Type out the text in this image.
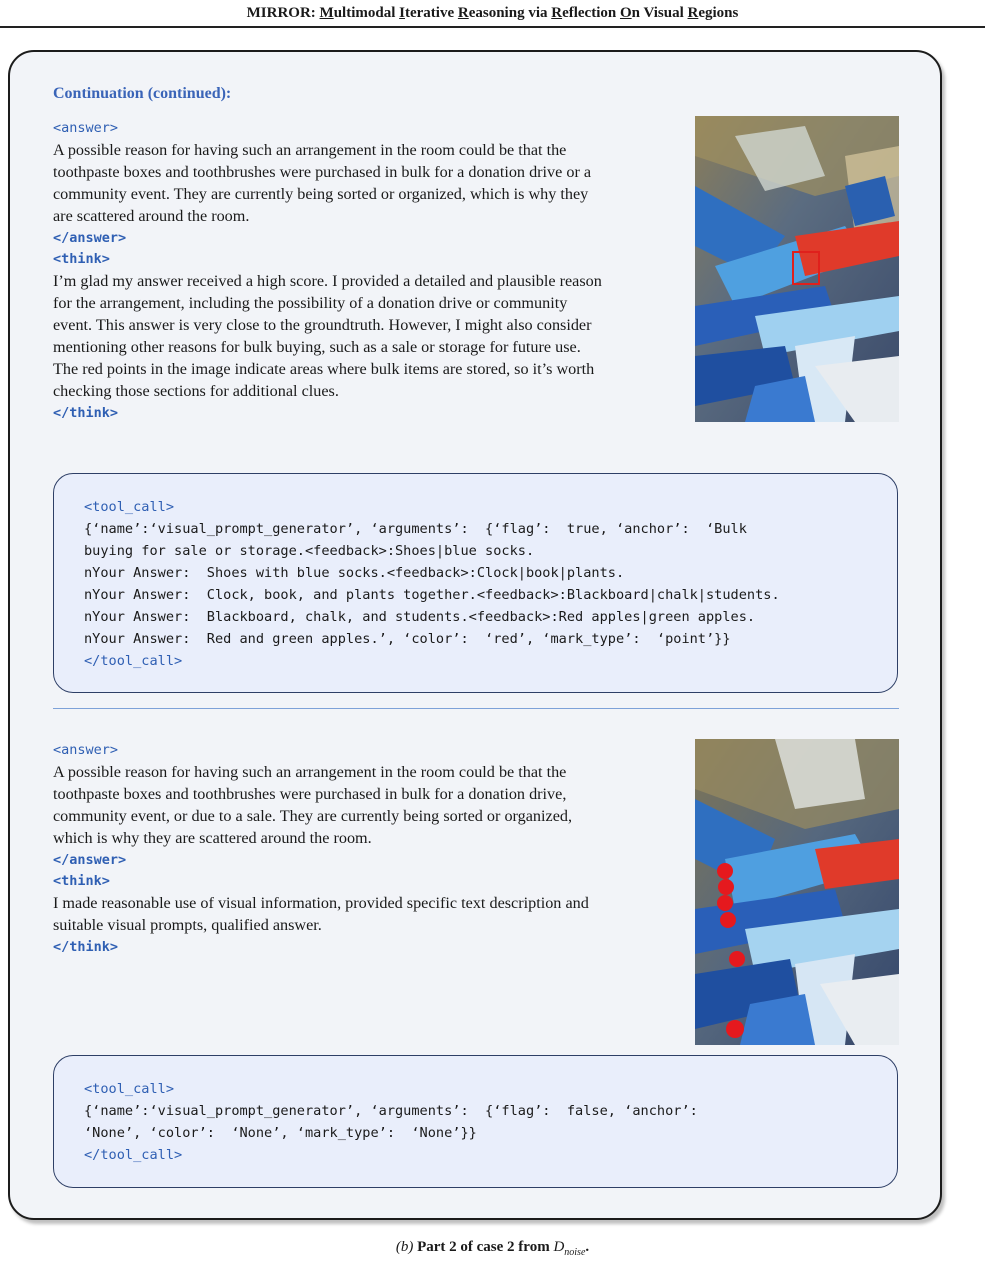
MIRROR: Multimodal Iterative Reasoning via Reflection On Visual Regions
Continuation (continued):
<answer>

A possible reason for having such an arrangement in the room could be that the toothpaste boxes and toothbrushes were purchased in bulk for a donation drive or a community event. They are currently being sorted or organized, which is why they are scattered around the room.

</answer>
<think>

I’m glad my answer received a high score. I provided a detailed and plausible reason for the arrangement, including the possibility of a donation drive or community event. This answer is very close to the groundtruth. However, I might also consider mentioning other reasons for bulk buying, such as a sale or storage for future use. The red points in the image indicate areas where bulk items are stored, so it’s worth checking those sections for additional clues.

</think>
<tool_call>
{‘name’:‘visual_prompt_generator’, ‘arguments’:  {‘flag’:  true, ‘anchor’:  ‘Bulk
buying for sale or storage.<feedback>:Shoes|blue socks.
nYour Answer:  Shoes with blue socks.<feedback>:Clock|book|plants.
nYour Answer:  Clock, book, and plants together.<feedback>:Blackboard|chalk|students.
nYour Answer:  Blackboard, chalk, and students.<feedback>:Red apples|green apples.
nYour Answer:  Red and green apples.’, ‘color’:  ‘red’, ‘mark_type’:  ‘point’}}
</tool_call>
<answer>

A possible reason for having such an arrangement in the room could be that the toothpaste boxes and toothbrushes were purchased in bulk for a donation drive, community event, or due to a sale. They are currently being sorted or organized, which is why they are scattered around the room.

</answer>
<think>

I made reasonable use of visual information, provided specific text description and suitable visual prompts, qualified answer.

</think>
<tool_call>
{‘name’:‘visual_prompt_generator’, ‘arguments’:  {‘flag’:  false, ‘anchor’:
‘None’, ‘color’:  ‘None’, ‘mark_type’:  ‘None’}}
</tool_call>
(b) Part 2 of case 2 from $D_{noise}$.
